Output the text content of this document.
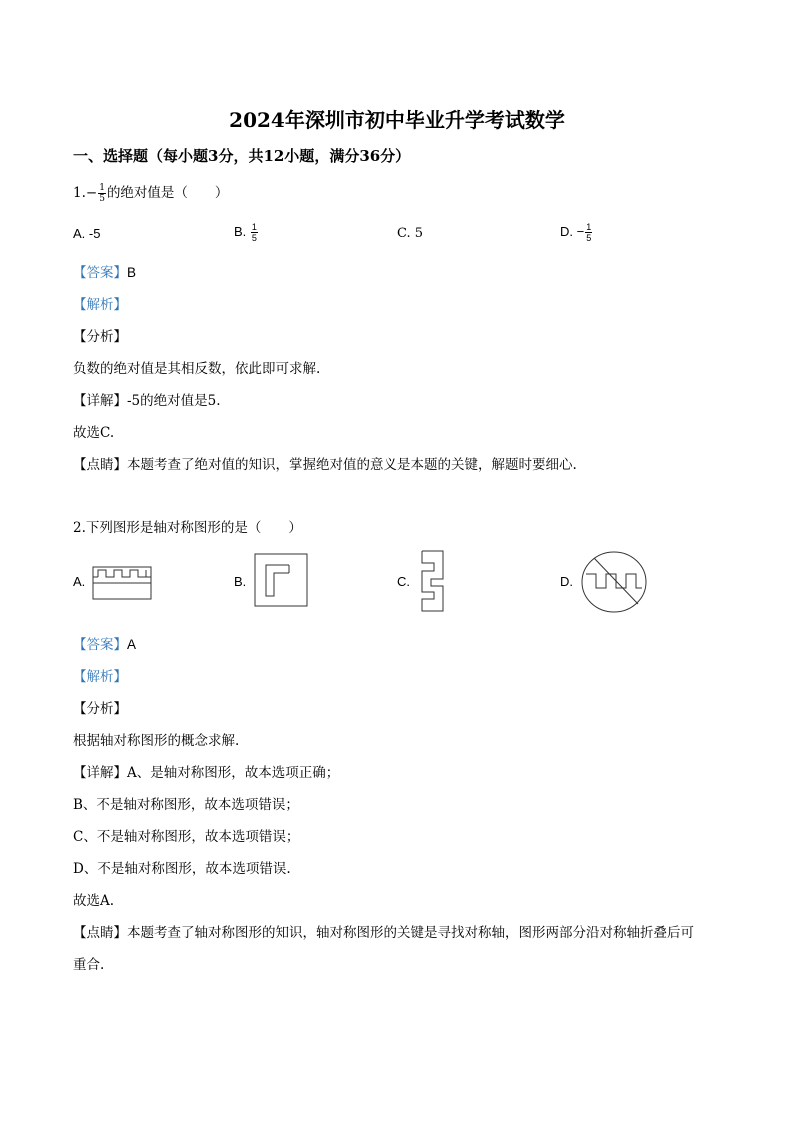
2024年深圳市初中毕业升学考试数学
一、选择题（每小题3分，共12小题，满分36分）
$1.- \frac{1}{5}$ 的绝对值是（　　）
A. -5	B. $\frac{1}{5}$	C. 5	D. − $\frac{1}{5}$
【答案】B
【解析】
【分析】
负数的绝对值是其相反数，依此即可求解.
【详解】-5的绝对值是5.
故选C.
【点睛】本题考查了绝对值的知识，掌握绝对值的意义是本题的关键，解题时要细心.
2.下列图形是轴对称图形的是（　　）
A.	B.	C.	D.
【答案】A
【解析】
【分析】
根据轴对称图形的概念求解.
【详解】A、是轴对称图形，故本选项正确；
B、不是轴对称图形，故本选项错误；
C、不是轴对称图形，故本选项错误；
D、不是轴对称图形，故本选项错误.
故选A.
【点睛】本题考查了轴对称图形的知识，轴对称图形的关键是寻找对称轴，图形两部分沿对称轴折叠后可
重合.
